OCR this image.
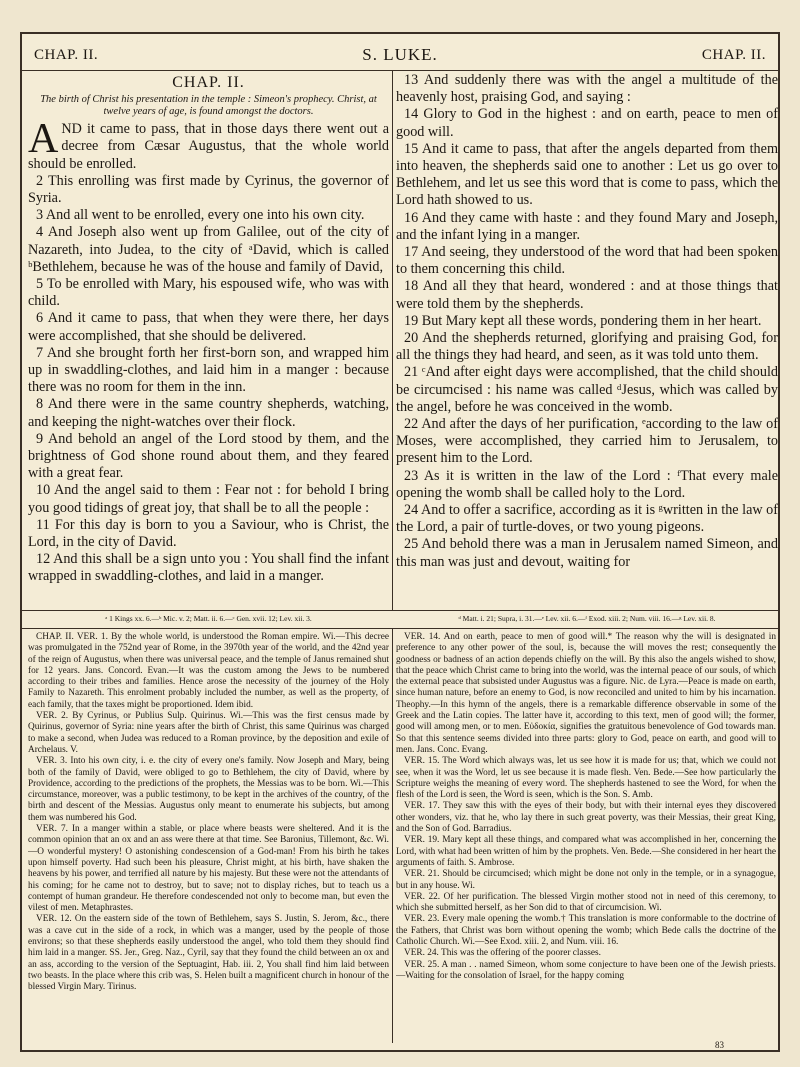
CHAP. II.	S. LUKE.	CHAP. II.
CHAP. II.
The birth of Christ his presentation in the temple : Simeon's prophecy. Christ, at twelve years of age, is found amongst the doctors.

AND it came to pass, that in those days there went out a decree from Cæsar Augustus, that the whole world should be enrolled.

2 This enrolling was first made by Cyrinus, the governor of Syria.

3 And all went to be enrolled, every one into his own city.

4 And Joseph also went up from Galilee, out of the city of Nazareth, into Judea, to the city of ᵃDavid, which is called ᵇBethlehem, because he was of the house and family of David,

5 To be enrolled with Mary, his espoused wife, who was with child.

6 And it came to pass, that when they were there, her days were accomplished, that she should be delivered.

7 And she brought forth her first-born son, and wrapped him up in swaddling-clothes, and laid him in a manger : because there was no room for them in the inn.

8 And there were in the same country shepherds, watching, and keeping the night-watches over their flock.

9 And behold an angel of the Lord stood by them, and the brightness of God shone round about them, and they feared with a great fear.

10 And the angel said to them : Fear not : for behold I bring you good tidings of great joy, that shall be to all the people :

11 For this day is born to you a Saviour, who is Christ, the Lord, in the city of David.

12 And this shall be a sign unto you : You shall find the infant wrapped in swaddling-clothes, and laid in a manger.

13 And suddenly there was with the angel a multitude of the heavenly host, praising God, and saying :

14 Glory to God in the highest : and on earth, peace to men of good will.

15 And it came to pass, that after the angels departed from them into heaven, the shepherds said one to another : Let us go over to Bethlehem, and let us see this word that is come to pass, which the Lord hath showed to us.

16 And they came with haste : and they found Mary and Joseph, and the infant lying in a manger.

17 And seeing, they understood of the word that had been spoken to them concerning this child.

18 And all they that heard, wondered : and at those things that were told them by the shepherds.

19 But Mary kept all these words, pondering them in her heart.

20 And the shepherds returned, glorifying and praising God, for all the things they had heard, and seen, as it was told unto them.

21 ᶜAnd after eight days were accomplished, that the child should be circumcised : his name was called ᵈJesus, which was called by the angel, before he was conceived in the womb.

22 And after the days of her purification, ᵉaccording to the law of Moses, were accomplished, they carried him to Jerusalem, to present him to the Lord.

23 As it is written in the law of the Lord : ᶠThat every male opening the womb shall be called holy to the Lord.

24 And to offer a sacrifice, according as it is ᵍwritten in the law of the Lord, a pair of turtle-doves, or two young pigeons.

25 And behold there was a man in Jerusalem named Simeon, and this man was just and devout, waiting for

ᵃ 1 Kings xx. 6.—ᵇ Mic. v. 2; Matt. ii. 6.—ᶜ Gen. xvii. 12; Lev. xii. 3.	ᵈ Matt. i. 21; Supra, i. 31.—ᵉ Lev. xii. 6.—ᶠ Exod. xiii. 2; Num. viii. 16.—ᵍ Lev. xii. 8.

CHAP. II. VER. 1. By the whole world, is understood the Roman empire. Wi.—This decree was promulgated in the 752nd year of Rome, in the 3970th year of the world, and the 42nd year of the reign of Augustus, when there was universal peace, and the temple of Janus remained shut for 12 years. Jans. Concord. Evan.—It was the custom among the Jews to be numbered according to their tribes and families. Hence arose the necessity of the journey of the Holy Family to Nazareth. This enrolment probably included the number, as well as the property, of each family, that the taxes might be proportioned. Idem ibid.

VER. 2. By Cyrinus, or Publius Sulp. Quirinus. Wi.—This was the first census made by Quirinus, governor of Syria: nine years after the birth of Christ, this same Quirinus was charged to make a second, when Judea was reduced to a Roman province, by the deposition and exile of Archelaus. V.

VER. 3. Into his own city, i. e. the city of every one's family. Now Joseph and Mary, being both of the family of David, were obliged to go to Bethlehem, the city of David, where by Providence, according to the predictions of the prophets, the Messias was to be born. Wi.—This circumstance, moreover, was a public testimony, to be kept in the archives of the country, of the birth and descent of the Messias. Augustus only meant to enumerate his subjects, but among them was numbered his God.

VER. 7. In a manger within a stable, or place where beasts were sheltered. And it is the common opinion that an ox and an ass were there at that time. See Baronius, Tillemont, &c. Wi.—O wonderful mystery! O astonishing condescension of a God-man! From his birth he takes upon himself poverty. Had such been his pleasure, Christ might, at his birth, have shaken the heavens by his power, and terrified all nature by his majesty. But these were not the attendants of his coming; for he came not to destroy, but to save; not to display riches, but to teach us a contempt of human grandeur. He therefore condescended not only to become man, but even the vilest of men. Metaphrastes.

VER. 12. On the eastern side of the town of Bethlehem, says S. Justin, S. Jerom, &c., there was a cave cut in the side of a rock, in which was a manger, used by the people of those environs; so that these shepherds easily understood the angel, who told them they should find him laid in a manger. SS. Jer., Greg. Naz., Cyril, say that they found the child between an ox and an ass, according to the version of the Septuagint, Hab. iii. 2, You shall find him laid between two beasts. In the place where this crib was, S. Helen built a magnificent church in honour of the blessed Virgin Mary. Tirinus.

VER. 14. And on earth, peace to men of good will.* The reason why the will is designated in preference to any other power of the soul, is, because the will moves the rest; consequently the goodness or badness of an action depends chiefly on the will. By this also the angels wished to show, that the peace which Christ came to bring into the world, was the internal peace of our souls, of which the external peace that subsisted under Augustus was a figure. Nic. de Lyra.—Peace is made on earth, since human nature, before an enemy to God, is now reconciled and united to him by his incarnation. Theophy.—In this hymn of the angels, there is a remarkable difference observable in some of the Greek and the Latin copies. The latter have it, according to this text, men of good will; the former, good will among men, or to men. Εὐδοκία, signifies the gratuitous benevolence of God towards man. So that this sentence seems divided into three parts: glory to God, peace on earth, and good will to men. Jans. Conc. Evang.

VER. 15. The Word which always was, let us see how it is made for us; that, which we could not see, when it was the Word, let us see because it is made flesh. Ven. Bede.—See how particularly the Scripture weighs the meaning of every word. The shepherds hastened to see the Word, for when the flesh of the Lord is seen, the Word is seen, which is the Son. S. Amb.

VER. 17. They saw this with the eyes of their body, but with their internal eyes they discovered other wonders, viz. that he, who lay there in such great poverty, was their Messias, their great King, and the Son of God. Barradius.

VER. 19. Mary kept all these things, and compared what was accomplished in her, concerning the Lord, with what had been written of him by the prophets. Ven. Bede.—She considered in her heart the arguments of faith. S. Ambrose.

VER. 21. Should be circumcised; which might be done not only in the temple, or in a synagogue, but in any house. Wi.

VER. 22. Of her purification. The blessed Virgin mother stood not in need of this ceremony, to which she submitted herself, as her Son did to that of circumcision. Wi.

VER. 23. Every male opening the womb.† This translation is more conformable to the doctrine of the Fathers, that Christ was born without opening the womb; which Bede calls the doctrine of the Catholic Church. Wi.—See Exod. xiii. 2, and Num. viii. 16.

VER. 24. This was the offering of the poorer classes.

VER. 25. A man . . named Simeon, whom some conjecture to have been one of the Jewish priests.—Waiting for the consolation of Israel, for the happy coming

83
